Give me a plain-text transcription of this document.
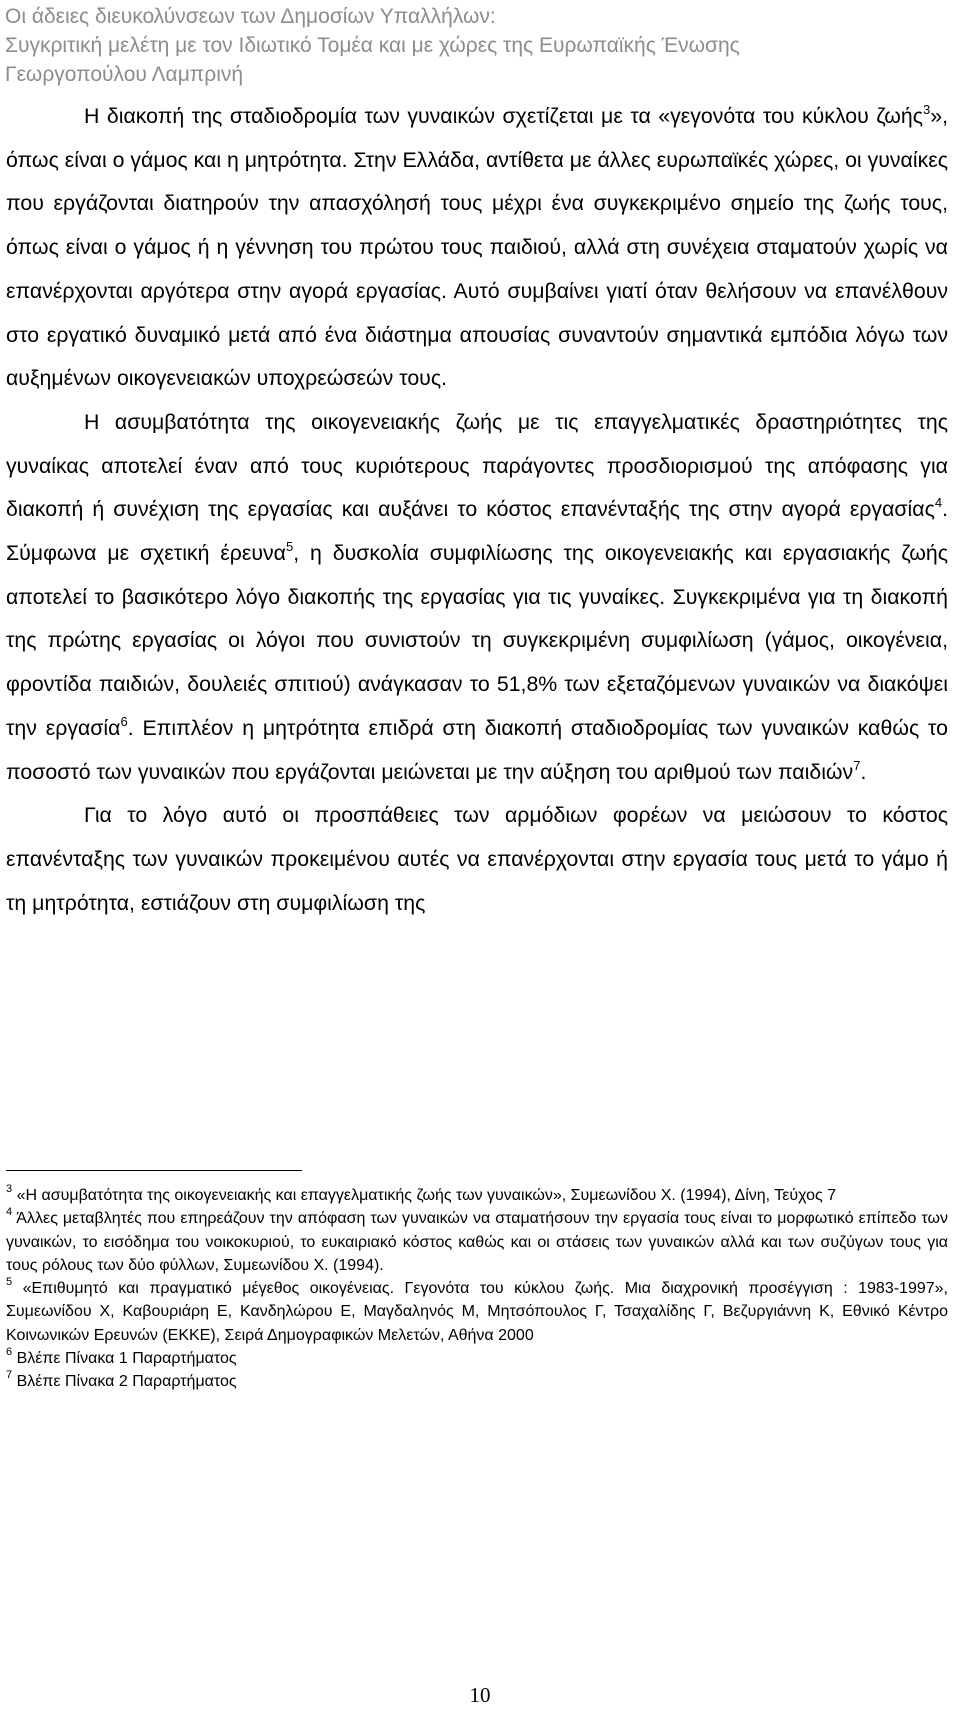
Οι άδειες διευκολύνσεων των Δημοσίων Υπαλλήλων:
Συγκριτική μελέτη με τον Ιδιωτικό Τομέα και με χώρες της Ευρωπαϊκής Ένωσης
Γεωργοπούλου Λαμπρινή

Η διακοπή της σταδιοδρομία των γυναικών σχετίζεται με τα «γεγονότα του κύκλου ζωής$^3$», όπως είναι ο γάμος και η μητρότητα. Στην Ελλάδα, αντίθετα με άλλες ευρωπαϊκές χώρες, οι γυναίκες που εργάζονται διατηρούν την απασχόλησή τους μέχρι ένα συγκεκριμένο σημείο της ζωής τους, όπως είναι ο γάμος ή η γέννηση του πρώτου τους παιδιού, αλλά στη συνέχεια σταματούν χωρίς να επανέρχονται αργότερα στην αγορά εργασίας. Αυτό συμβαίνει γιατί όταν θελήσουν να επανέλθουν στο εργατικό δυναμικό μετά από ένα διάστημα απουσίας συναντούν σημαντικά εμπόδια λόγω των αυξημένων οικογενειακών υποχρεώσεών τους.

Η ασυμβατότητα της οικογενειακής ζωής με τις επαγγελματικές δραστηριότητες της γυναίκας αποτελεί έναν από τους κυριότερους παράγοντες προσδιορισμού της απόφασης για διακοπή ή συνέχιση της εργασίας και αυξάνει το κόστος επανένταξής της στην αγορά εργασίας$^4$. Σύμφωνα με σχετική έρευνα$^5$, η δυσκολία συμφιλίωσης της οικογενειακής και εργασιακής ζωής αποτελεί το βασικότερο λόγο διακοπής της εργασίας για τις γυναίκες. Συγκεκριμένα για τη διακοπή της πρώτης εργασίας οι λόγοι που συνιστούν τη συγκεκριμένη συμφιλίωση (γάμος, οικογένεια, φροντίδα παιδιών, δουλειές σπιτιού) ανάγκασαν το 51,8% των εξεταζόμενων γυναικών να διακόψει την εργασία$^6$. Επιπλέον η μητρότητα επιδρά στη διακοπή σταδιοδρομίας των γυναικών καθώς το ποσοστό των γυναικών που εργάζονται μειώνεται με την αύξηση του αριθμού των παιδιών$^7$.

Για το λόγο αυτό οι προσπάθειες των αρμόδιων φορέων να μειώσουν το κόστος επανένταξης των γυναικών προκειμένου αυτές να επανέρχονται στην εργασία τους μετά το γάμο ή τη μητρότητα, εστιάζουν στη συμφιλίωση της

$^3$ «Η ασυμβατότητα της οικογενειακής και επαγγελματικής ζωής των γυναικών», Συμεωνίδου Χ. (1994), Δίνη, Τεύχος 7

$^4$ Άλλες μεταβλητές που επηρεάζουν την απόφαση των γυναικών να σταματήσουν την εργασία τους είναι το μορφωτικό επίπεδο των γυναικών, το εισόδημα του νοικοκυριού, το ευκαιριακό κόστος καθώς και οι στάσεις των γυναικών αλλά και των συζύγων τους για τους ρόλους των δύο φύλλων, Συμεωνίδου Χ. (1994).

$^5$ «Επιθυμητό και πραγματικό μέγεθος οικογένειας. Γεγονότα του κύκλου ζωής. Μια διαχρονική προσέγγιση : 1983-1997», Συμεωνίδου Χ, Καβουριάρη Ε, Κανδηλώρου Ε, Μαγδαληνός Μ, Μητσόπουλος Γ, Τσαχαλίδης Γ, Βεζυργιάννη Κ, Εθνικό Κέντρο Κοινωνικών Ερευνών (ΕΚΚΕ), Σειρά Δημογραφικών Μελετών, Αθήνα 2000

$^6$ Βλέπε Πίνακα 1 Παραρτήματος

$^7$ Βλέπε Πίνακα 2 Παραρτήματος

10
